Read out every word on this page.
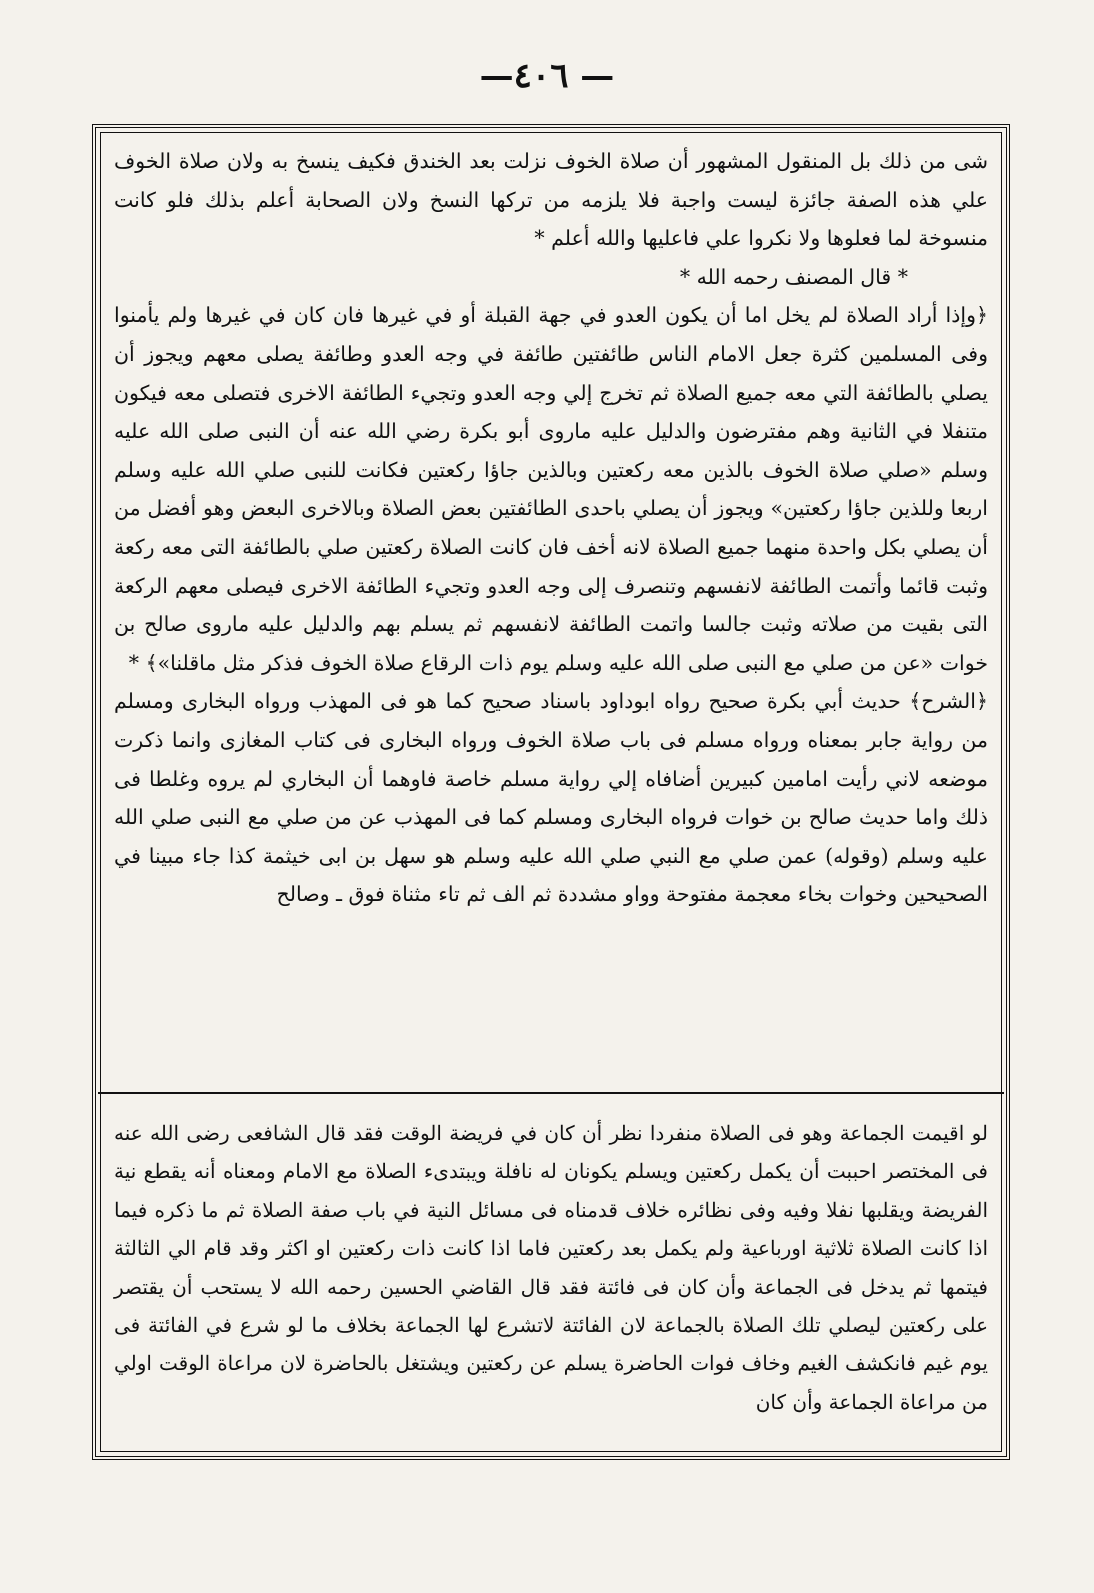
—٤٠٦ —

شى من ذلك بل المنقول المشهور أن صلاة الخوف نزلت بعد الخندق فكيف ينسخ به ولان صلاة الخوف علي هذه الصفة جائزة ليست واجبة فلا يلزمه من تركها النسخ ولان الصحابة أعلم بذلك فلو كانت منسوخة لما فعلوها ولا نكروا علي فاعليها والله أعلم *

* قال المصنف رحمه الله *

﴿وإذا أراد الصلاة لم يخل اما أن يكون العدو في جهة القبلة أو في غيرها فان كان في غيرها ولم يأمنوا وفى المسلمين كثرة جعل الامام الناس طائفتين طائفة في وجه العدو وطائفة يصلى معهم ويجوز أن يصلي بالطائفة التي معه جميع الصلاة ثم تخرج إلي وجه العدو وتجيء الطائفة الاخرى فتصلى معه فيكون متنفلا في الثانية وهم مفترضون والدليل عليه ماروى أبو بكرة رضي الله عنه أن النبى صلى الله عليه وسلم «صلي صلاة الخوف بالذين معه ركعتين وبالذين جاؤا ركعتين فكانت للنبى صلي الله عليه وسلم اربعا وللذين جاؤا ركعتين» ويجوز أن يصلي باحدى الطائفتين بعض الصلاة وبالاخرى البعض وهو أفضل من أن يصلي بكل واحدة منهما جميع الصلاة لانه أخف فان كانت الصلاة ركعتين صلي بالطائفة التى معه ركعة وثبت قائما وأتمت الطائفة لانفسهم وتنصرف إلى وجه العدو وتجيء الطائفة الاخرى فيصلى معهم الركعة التى بقيت من صلاته وثبت جالسا واتمت الطائفة لانفسهم ثم يسلم بهم والدليل عليه ماروى صالح بن خوات «عن من صلي مع النبى صلى الله عليه وسلم يوم ذات الرقاع صلاة الخوف فذكر مثل ماقلنا»﴾ *

﴿الشرح﴾ حديث أبي بكرة صحيح رواه ابوداود باسناد صحيح كما هو فى المهذب ورواه البخارى ومسلم من رواية جابر بمعناه ورواه مسلم فى باب صلاة الخوف ورواه البخارى فى كتاب المغازى وانما ذكرت موضعه لاني رأيت امامين كبيرين أضافاه إلي رواية مسلم خاصة فاوهما أن البخاري لم يروه وغلطا فى ذلك واما حديث صالح بن خوات فرواه البخارى ومسلم كما فى المهذب عن من صلي مع النبى صلي الله عليه وسلم (وقوله) عمن صلي مع النبي صلي الله عليه وسلم هو سهل بن ابى خيثمة كذا جاء مبينا في الصحيحين وخوات بخاء معجمة مفتوحة وواو مشددة ثم الف ثم تاء مثناة فوق ـ وصالح

لو اقيمت الجماعة وهو فى الصلاة منفردا نظر أن كان في فريضة الوقت فقد قال الشافعى رضى الله عنه فى المختصر احببت أن يكمل ركعتين ويسلم يكونان له نافلة ويبتدىء الصلاة مع الامام ومعناه أنه يقطع نية الفريضة ويقلبها نفلا وفيه وفى نظائره خلاف قدمناه فى مسائل النية في باب صفة الصلاة ثم ما ذكره فيما اذا كانت الصلاة ثلاثية اورباعية ولم يكمل بعد ركعتين فاما اذا كانت ذات ركعتين او اكثر وقد قام الي الثالثة فيتمها ثم يدخل فى الجماعة وأن كان فى فائتة فقد قال القاضي الحسين رحمه الله لا يستحب أن يقتصر على ركعتين ليصلي تلك الصلاة بالجماعة لان الفائتة لاتشرع لها الجماعة بخلاف ما لو شرع في الفائتة فى يوم غيم فانكشف الغيم وخاف فوات الحاضرة يسلم عن ركعتين ويشتغل بالحاضرة لان مراعاة الوقت اولي من مراعاة الجماعة وأن كان
